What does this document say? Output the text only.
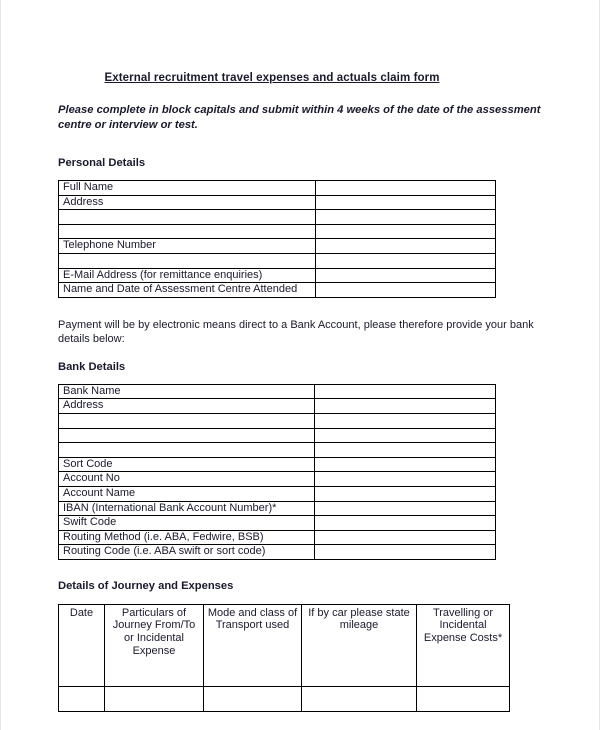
External recruitment travel expenses and actuals claim form
Please complete in block capitals and submit within 4 weeks of the date of the assessment centre or interview or test.
Personal Details
Full Name	
Address	

Telephone Number	

E-Mail Address (for remittance enquiries)	
Name and Date of Assessment Centre Attended	
Payment will be by electronic means direct to a Bank Account, please therefore provide your bank details below:
Bank Details
Bank Name	
Address	

Sort Code	
Account No	
Account Name	
IBAN (International Bank Account Number)*	
Swift Code	
Routing Method (i.e. ABA, Fedwire, BSB)	
Routing Code (i.e. ABA swift or sort code)	
Details of Journey and Expenses
Date	Particulars of Journey From/To or Incidental Expense	Mode and class of Transport used	If by car please state mileage	Travelling or Incidental Expense Costs*
